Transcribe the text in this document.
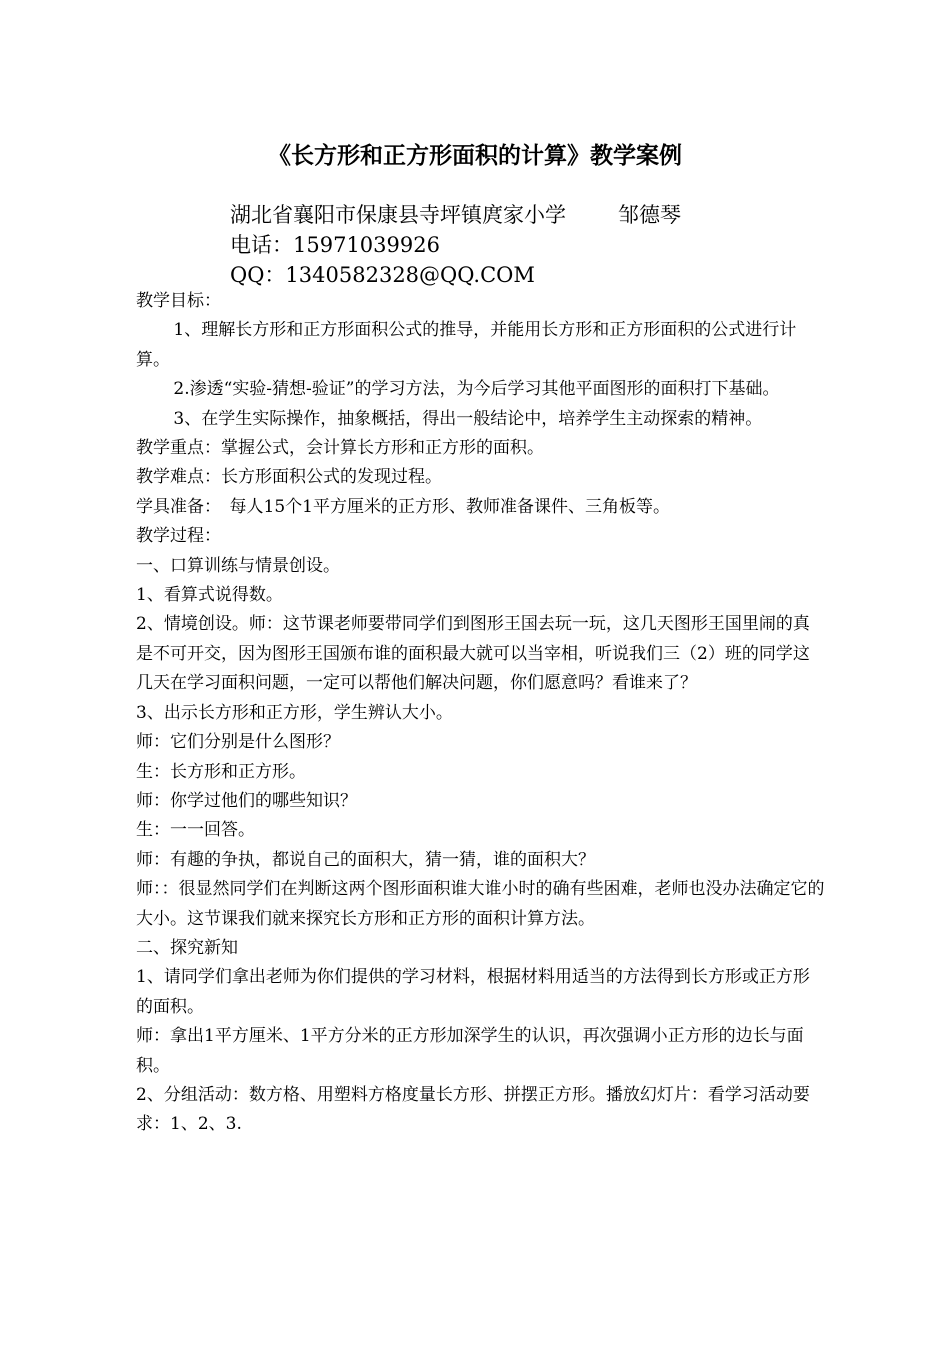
《长方形和正方形面积的计算》教学案例
湖北省襄阳市保康县寺坪镇庹家小学 邹德琴
电话：15971039926
QQ：1340582328@QQ.COM

教学目标：

1、理解长方形和正方形面积公式的推导，并能用长方形和正方形面积的公式进行计算。

2.渗透“实验-猜想-验证”的学习方法，为今后学习其他平面图形的面积打下基础。

3、在学生实际操作，抽象概括，得出一般结论中，培养学生主动探索的精神。

教学重点：掌握公式，会计算长方形和正方形的面积。

教学难点：长方形面积公式的发现过程。

学具准备：　每人15个1平方厘米的正方形、教师准备课件、三角板等。

教学过程：

一、口算训练与情景创设。

1、看算式说得数。

2、情境创设。师：这节课老师要带同学们到图形王国去玩一玩，这几天图形王国里闹的真是不可开交，因为图形王国颁布谁的面积最大就可以当宰相，听说我们三（2）班的同学这几天在学习面积问题，一定可以帮他们解决问题，你们愿意吗？看谁来了？

3、出示长方形和正方形，学生辨认大小。

师：它们分别是什么图形？

生：长方形和正方形。

师：你学过他们的哪些知识？

生：一一回答。

师：有趣的争执，都说自己的面积大，猜一猜，谁的面积大？

师：：很显然同学们在判断这两个图形面积谁大谁小时的确有些困难，老师也没办法确定它的大小。这节课我们就来探究长方形和正方形的面积计算方法。

二、探究新知

1、请同学们拿出老师为你们提供的学习材料，根据材料用适当的方法得到长方形或正方形的面积。

师：拿出1平方厘米、1平方分米的正方形加深学生的认识，再次强调小正方形的边长与面积。

2、分组活动：数方格、用塑料方格度量长方形、拼摆正方形。播放幻灯片：看学习活动要求：1、2、3.
